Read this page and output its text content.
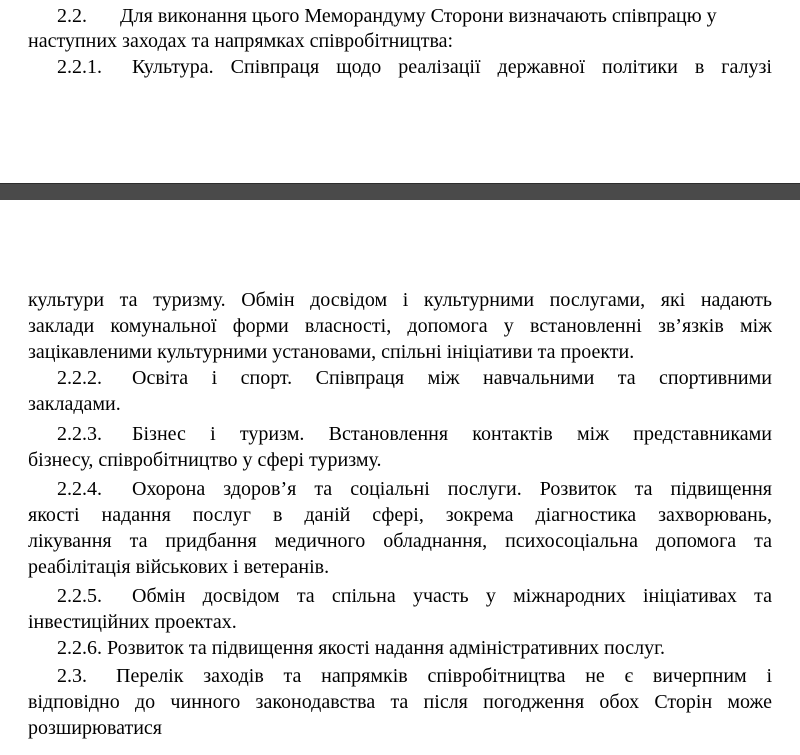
2.2. Для виконання цього Меморандуму Сторони визначають співпрацю у
наступних заходах та напрямках співробітництва:
2.2.1. Культура. Співпраця щодо реалізації державної політики в галузі
культури та туризму. Обмін досвідом і культурними послугами, які надають
заклади комунальної форми власності, допомога у встановленні зв’язків між
зацікавленими культурними установами, спільні ініціативи та проекти.
2.2.2. Освіта і спорт. Співпраця між навчальними та спортивними
закладами.
2.2.3. Бізнес і туризм. Встановлення контактів між представниками
бізнесу, співробітництво у сфері туризму.
2.2.4. Охорона здоров’я та соціальні послуги. Розвиток та підвищення
якості надання послуг в даній сфері, зокрема діагностика захворювань,
лікування та придбання медичного обладнання, психосоціальна допомога та
реабілітація військових і ветеранів.
2.2.5. Обмін досвідом та спільна участь у міжнародних ініціативах та
інвестиційних проектах.
2.2.6. Розвиток та підвищення якості надання адміністративних послуг.
2.3. Перелік заходів та напрямків співробітництва не є вичерпним і
відповідно до чинного законодавства та після погодження обох Сторін може
розширюватися
